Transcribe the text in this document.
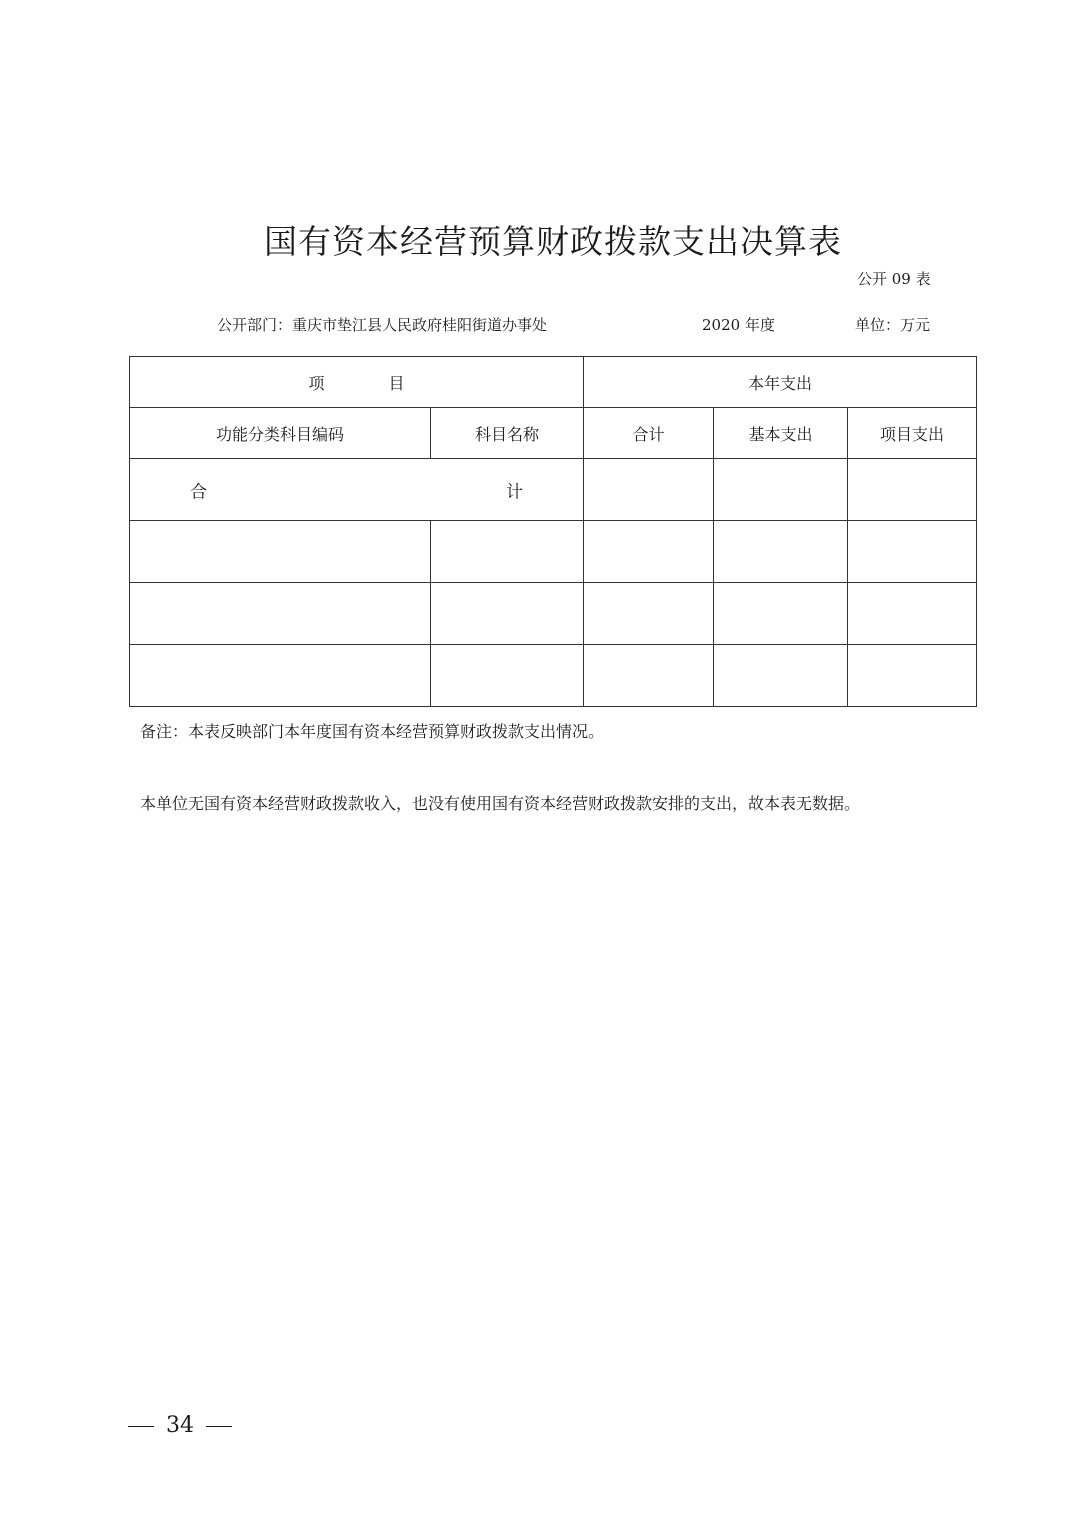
国有资本经营预算财政拨款支出决算表
公开 09 表
公开部门：重庆市垫江县人民政府桂阳街道办事处	2020 年度	单位：万元
项 目		本年支出		
功能分类科目编码	科目名称	合计	基本支出	项目支出

合 计				

备注：本表反映部门本年度国有资本经营预算财政拨款支出情况。
本单位无国有资本经营财政拨款收入，也没有使用国有资本经营财政拨款安排的支出，故本表无数据。
34
